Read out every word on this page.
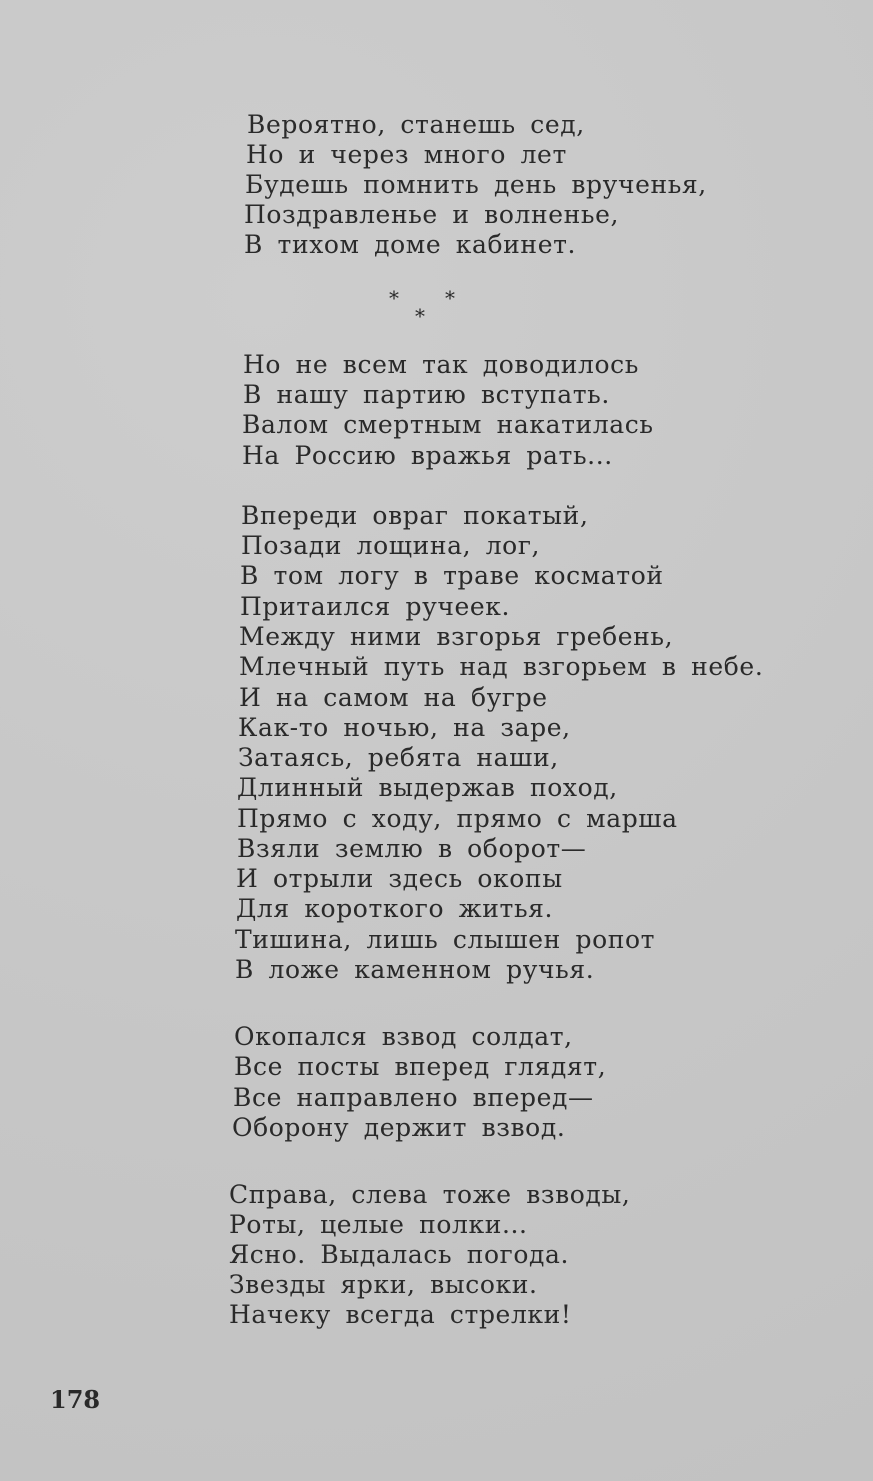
Вероятно, станешь сед,
Но и через много лет
Будешь помнить день врученья,
Поздравленье и волненье,
В тихом доме кабинет.
* *
*
Но не всем так доводилось
В нашу партию вступать.
Валом смертным накатилась
На Россию вражья рать...
Впереди овраг покатый,
Позади лощина, лог,
В том логу в траве косматой
Притаился ручеек.
Между ними взгорья гребень,
Млечный путь над взгорьем в небе.
И на самом на бугре
Как-то ночью, на заре,
Затаясь, ребята наши,
Длинный выдержав поход,
Прямо с ходу, прямо с марша
Взяли землю в оборот—
И отрыли здесь окопы
Для короткого житья.
Тишина, лишь слышен ропот
В ложе каменном ручья.
Окопался взвод солдат,
Все посты вперед глядят,
Все направлено вперед—
Оборону держит взвод.
Справа, слева тоже взводы,
Роты, целые полки...
Ясно. Выдалась погода.
Звезды ярки, высоки.
Начеку всегда стрелки!
178
